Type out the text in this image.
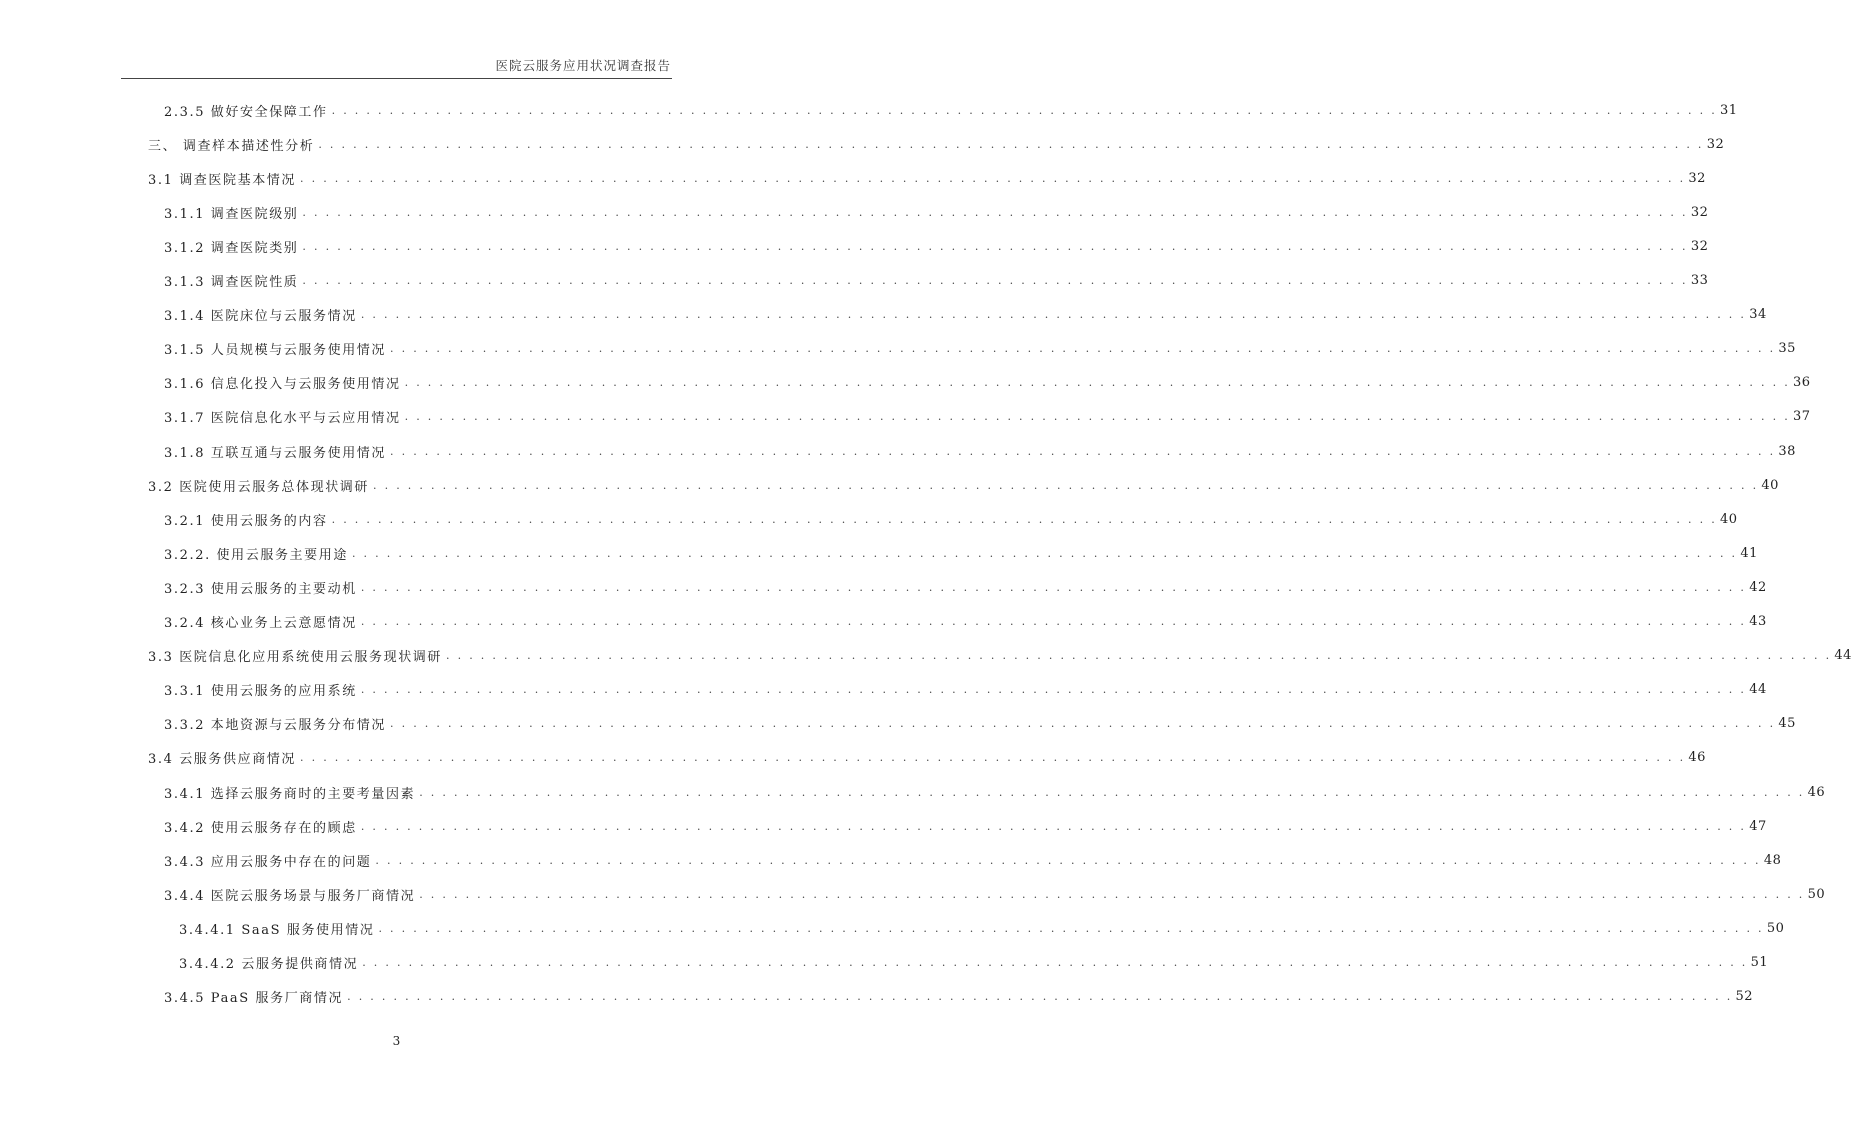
医院云服务应用状况调查报告
2.3.5 做好安全保障工作 . . . . . . . . . . . . . . . . . . . . . . . . . . . . . . . . . . . . . . . . . . . . . . . . . . . . . . . . . . . . . . . . . . . . . . . . . . . . . . . . . . . . . . . . . . . . . . . . . . . . . . . . . . . . . . . . . . . . . . . . 31
三、 调查样本描述性分析 . . . . . . . . . . . . . . . . . . . . . . . . . . . . . . . . . . . . . . . . . . . . . . . . . . . . . . . . . . . . . . . . . . . . . . . . . . . . . . . . . . . . . . . . . . . . . . . . . . . . . . . . . . . . . . . . . . . . . . . . 32
3.1 调查医院基本情况 . . . . . . . . . . . . . . . . . . . . . . . . . . . . . . . . . . . . . . . . . . . . . . . . . . . . . . . . . . . . . . . . . . . . . . . . . . . . . . . . . . . . . . . . . . . . . . . . . . . . . . . . . . . . . . . . . . . . . . . . 32
3.1.1 调查医院级别 . . . . . . . . . . . . . . . . . . . . . . . . . . . . . . . . . . . . . . . . . . . . . . . . . . . . . . . . . . . . . . . . . . . . . . . . . . . . . . . . . . . . . . . . . . . . . . . . . . . . . . . . . . . . . . . . . . . . . . . . 32
3.1.2 调查医院类别 . . . . . . . . . . . . . . . . . . . . . . . . . . . . . . . . . . . . . . . . . . . . . . . . . . . . . . . . . . . . . . . . . . . . . . . . . . . . . . . . . . . . . . . . . . . . . . . . . . . . . . . . . . . . . . . . . . . . . . . . 32
3.1.3 调查医院性质 . . . . . . . . . . . . . . . . . . . . . . . . . . . . . . . . . . . . . . . . . . . . . . . . . . . . . . . . . . . . . . . . . . . . . . . . . . . . . . . . . . . . . . . . . . . . . . . . . . . . . . . . . . . . . . . . . . . . . . . . 33
3.1.4 医院床位与云服务情况 . . . . . . . . . . . . . . . . . . . . . . . . . . . . . . . . . . . . . . . . . . . . . . . . . . . . . . . . . . . . . . . . . . . . . . . . . . . . . . . . . . . . . . . . . . . . . . . . . . . . . . . . . . . . . . . . . . . . . . . . 34
3.1.5 人员规模与云服务使用情况 . . . . . . . . . . . . . . . . . . . . . . . . . . . . . . . . . . . . . . . . . . . . . . . . . . . . . . . . . . . . . . . . . . . . . . . . . . . . . . . . . . . . . . . . . . . . . . . . . . . . . . . . . . . . . . . . . . . . . . . . 35
3.1.6 信息化投入与云服务使用情况 . . . . . . . . . . . . . . . . . . . . . . . . . . . . . . . . . . . . . . . . . . . . . . . . . . . . . . . . . . . . . . . . . . . . . . . . . . . . . . . . . . . . . . . . . . . . . . . . . . . . . . . . . . . . . . . . . . . . . . . . 36
3.1.7 医院信息化水平与云应用情况 . . . . . . . . . . . . . . . . . . . . . . . . . . . . . . . . . . . . . . . . . . . . . . . . . . . . . . . . . . . . . . . . . . . . . . . . . . . . . . . . . . . . . . . . . . . . . . . . . . . . . . . . . . . . . . . . . . . . . . . . 37
3.1.8 互联互通与云服务使用情况 . . . . . . . . . . . . . . . . . . . . . . . . . . . . . . . . . . . . . . . . . . . . . . . . . . . . . . . . . . . . . . . . . . . . . . . . . . . . . . . . . . . . . . . . . . . . . . . . . . . . . . . . . . . . . . . . . . . . . . . . 38
3.2 医院使用云服务总体现状调研 . . . . . . . . . . . . . . . . . . . . . . . . . . . . . . . . . . . . . . . . . . . . . . . . . . . . . . . . . . . . . . . . . . . . . . . . . . . . . . . . . . . . . . . . . . . . . . . . . . . . . . . . . . . . . . . . . . . . . . . . 40
3.2.1 使用云服务的内容 . . . . . . . . . . . . . . . . . . . . . . . . . . . . . . . . . . . . . . . . . . . . . . . . . . . . . . . . . . . . . . . . . . . . . . . . . . . . . . . . . . . . . . . . . . . . . . . . . . . . . . . . . . . . . . . . . . . . . . . . 40
3.2.2. 使用云服务主要用途 . . . . . . . . . . . . . . . . . . . . . . . . . . . . . . . . . . . . . . . . . . . . . . . . . . . . . . . . . . . . . . . . . . . . . . . . . . . . . . . . . . . . . . . . . . . . . . . . . . . . . . . . . . . . . . . . . . . . . . . . 41
3.2.3 使用云服务的主要动机 . . . . . . . . . . . . . . . . . . . . . . . . . . . . . . . . . . . . . . . . . . . . . . . . . . . . . . . . . . . . . . . . . . . . . . . . . . . . . . . . . . . . . . . . . . . . . . . . . . . . . . . . . . . . . . . . . . . . . . . . 42
3.2.4 核心业务上云意愿情况 . . . . . . . . . . . . . . . . . . . . . . . . . . . . . . . . . . . . . . . . . . . . . . . . . . . . . . . . . . . . . . . . . . . . . . . . . . . . . . . . . . . . . . . . . . . . . . . . . . . . . . . . . . . . . . . . . . . . . . . . 43
3.3 医院信息化应用系统使用云服务现状调研 . . . . . . . . . . . . . . . . . . . . . . . . . . . . . . . . . . . . . . . . . . . . . . . . . . . . . . . . . . . . . . . . . . . . . . . . . . . . . . . . . . . . . . . . . . . . . . . . . . . . . . . . . . . . . . . . . . . . . . . . 44
3.3.1 使用云服务的应用系统 . . . . . . . . . . . . . . . . . . . . . . . . . . . . . . . . . . . . . . . . . . . . . . . . . . . . . . . . . . . . . . . . . . . . . . . . . . . . . . . . . . . . . . . . . . . . . . . . . . . . . . . . . . . . . . . . . . . . . . . . 44
3.3.2 本地资源与云服务分布情况 . . . . . . . . . . . . . . . . . . . . . . . . . . . . . . . . . . . . . . . . . . . . . . . . . . . . . . . . . . . . . . . . . . . . . . . . . . . . . . . . . . . . . . . . . . . . . . . . . . . . . . . . . . . . . . . . . . . . . . . . 45
3.4 云服务供应商情况 . . . . . . . . . . . . . . . . . . . . . . . . . . . . . . . . . . . . . . . . . . . . . . . . . . . . . . . . . . . . . . . . . . . . . . . . . . . . . . . . . . . . . . . . . . . . . . . . . . . . . . . . . . . . . . . . . . . . . . . . 46
3.4.1 选择云服务商时的主要考量因素 . . . . . . . . . . . . . . . . . . . . . . . . . . . . . . . . . . . . . . . . . . . . . . . . . . . . . . . . . . . . . . . . . . . . . . . . . . . . . . . . . . . . . . . . . . . . . . . . . . . . . . . . . . . . . . . . . . . . . . . . 46
3.4.2 使用云服务存在的顾虑 . . . . . . . . . . . . . . . . . . . . . . . . . . . . . . . . . . . . . . . . . . . . . . . . . . . . . . . . . . . . . . . . . . . . . . . . . . . . . . . . . . . . . . . . . . . . . . . . . . . . . . . . . . . . . . . . . . . . . . . . 47
3.4.3 应用云服务中存在的问题 . . . . . . . . . . . . . . . . . . . . . . . . . . . . . . . . . . . . . . . . . . . . . . . . . . . . . . . . . . . . . . . . . . . . . . . . . . . . . . . . . . . . . . . . . . . . . . . . . . . . . . . . . . . . . . . . . . . . . . . . 48
3.4.4 医院云服务场景与服务厂商情况 . . . . . . . . . . . . . . . . . . . . . . . . . . . . . . . . . . . . . . . . . . . . . . . . . . . . . . . . . . . . . . . . . . . . . . . . . . . . . . . . . . . . . . . . . . . . . . . . . . . . . . . . . . . . . . . . . . . . . . . . 50
3.4.4.1 SaaS 服务使用情况 . . . . . . . . . . . . . . . . . . . . . . . . . . . . . . . . . . . . . . . . . . . . . . . . . . . . . . . . . . . . . . . . . . . . . . . . . . . . . . . . . . . . . . . . . . . . . . . . . . . . . . . . . . . . . . . . . . . . . . . . 50
3.4.4.2 云服务提供商情况 . . . . . . . . . . . . . . . . . . . . . . . . . . . . . . . . . . . . . . . . . . . . . . . . . . . . . . . . . . . . . . . . . . . . . . . . . . . . . . . . . . . . . . . . . . . . . . . . . . . . . . . . . . . . . . . . . . . . . . . . 51
3.4.5 PaaS 服务厂商情况 . . . . . . . . . . . . . . . . . . . . . . . . . . . . . . . . . . . . . . . . . . . . . . . . . . . . . . . . . . . . . . . . . . . . . . . . . . . . . . . . . . . . . . . . . . . . . . . . . . . . . . . . . . . . . . . . . . . . . . . . 52
3
